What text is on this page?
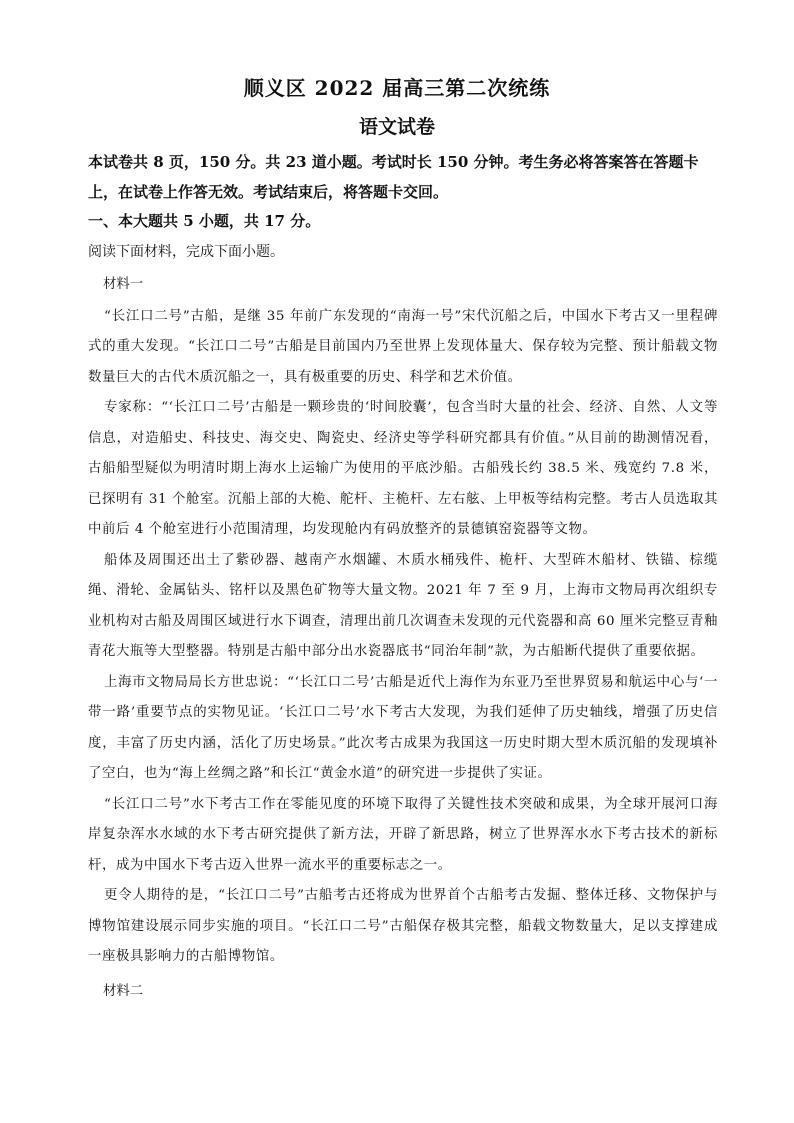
顺义区 2022 届高三第二次统练
语文试卷
本试卷共 8 页，150 分。共 23 道小题。考试时长 150 分钟。考生务必将答案答在答题卡上，在试卷上作答无效。考试结束后，将答题卡交回。
一、本大题共 5 小题，共 17 分。
阅读下面材料，完成下面小题。

材料一

“长江口二号”古船，是继 35 年前广东发现的“南海一号”宋代沉船之后，中国水下考古又一里程碑式的重大发现。“长江口二号”古船是目前国内乃至世界上发现体量大、保存较为完整、预计船载文物数量巨大的古代木质沉船之一，具有极重要的历史、科学和艺术价值。

专家称：“‘长江口二号’古船是一颗珍贵的‘时间胶囊’，包含当时大量的社会、经济、自然、人文等信息，对造船史、科技史、海交史、陶瓷史、经济史等学科研究都具有价值。”从目前的勘测情况看，古船船型疑似为明清时期上海水上运输广为使用的平底沙船。古船残长约 38.5 米、残宽约 7.8 米，已探明有 31 个舱室。沉船上部的大桅、舵杆、主桅杆、左右舷、上甲板等结构完整。考古人员选取其中前后 4 个舱室进行小范围清理，均发现舱内有码放整齐的景德镇窑瓷器等文物。

船体及周围还出土了紫砂器、越南产水烟罐、木质水桶残件、桅杆、大型砗木船材、铁锚、棕缆绳、滑轮、金属钻头、铭杆以及黑色矿物等大量文物。2021 年 7 至 9 月，上海市文物局再次组织专业机构对古船及周围区域进行水下调查，清理出前几次调查未发现的元代瓷器和高 60 厘米完整豆青釉青花大瓶等大型整器。特别是古船中部分出水瓷器底书“同治年制”款，为古船断代提供了重要依据。

上海市文物局局长方世忠说：“‘长江口二号’古船是近代上海作为东亚乃至世界贸易和航运中心与‘一带一路’重要节点的实物见证。‘长江口二号’水下考古大发现，为我们延伸了历史轴线，增强了历史信度，丰富了历史内涵，活化了历史场景。”此次考古成果为我国这一历史时期大型木质沉船的发现填补了空白，也为“海上丝绸之路”和长江“黄金水道”的研究进一步提供了实证。

“长江口二号”水下考古工作在零能见度的环境下取得了关键性技术突破和成果，为全球开展河口海岸复杂浑水水域的水下考古研究提供了新方法，开辟了新思路，树立了世界浑水水下考古技术的新标杆，成为中国水下考古迈入世界一流水平的重要标志之一。

更令人期待的是，“长江口二号”古船考古还将成为世界首个古船考古发掘、整体迁移、文物保护与博物馆建设展示同步实施的项目。“长江口二号”古船保存极其完整，船载文物数量大，足以支撑建成一座极具影响力的古船博物馆。

材料二
